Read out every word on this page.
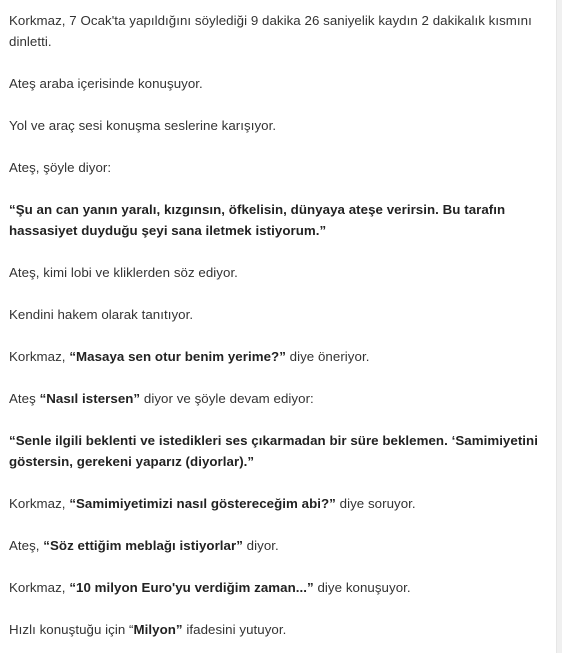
Korkmaz, 7 Ocak'ta yapıldığını söylediği 9 dakika 26 saniyelik kaydın 2 dakikalık kısmını dinletti.

Ateş araba içerisinde konuşuyor.

Yol ve araç sesi konuşma seslerine karışıyor.

Ateş, şöyle diyor:

“Şu an can yanın yaralı, kızgınsın, öfkelisin, dünyaya ateşe verirsin. Bu tarafın hassasiyet duyduğu şeyi sana iletmek istiyorum.”

Ateş, kimi lobi ve kliklerden söz ediyor.

Kendini hakem olarak tanıtıyor.

Korkmaz, “Masaya sen otur benim yerime?” diye öneriyor.

Ateş “Nasıl istersen” diyor ve şöyle devam ediyor:

“Senle ilgili beklenti ve istedikleri ses çıkarmadan bir süre beklemen. ‘Samimiyetini göstersin, gerekeni yaparız (diyorlar).”

Korkmaz, “Samimiyetimizi nasıl göstereceğim abi?” diye soruyor.

Ateş, “Söz ettiğim meblağı istiyorlar” diyor.

Korkmaz, “10 milyon Euro'yu verdiğim zaman...” diye konuşuyor.

Hızlı konuştuğu için “Milyon” ifadesini yutuyor.
